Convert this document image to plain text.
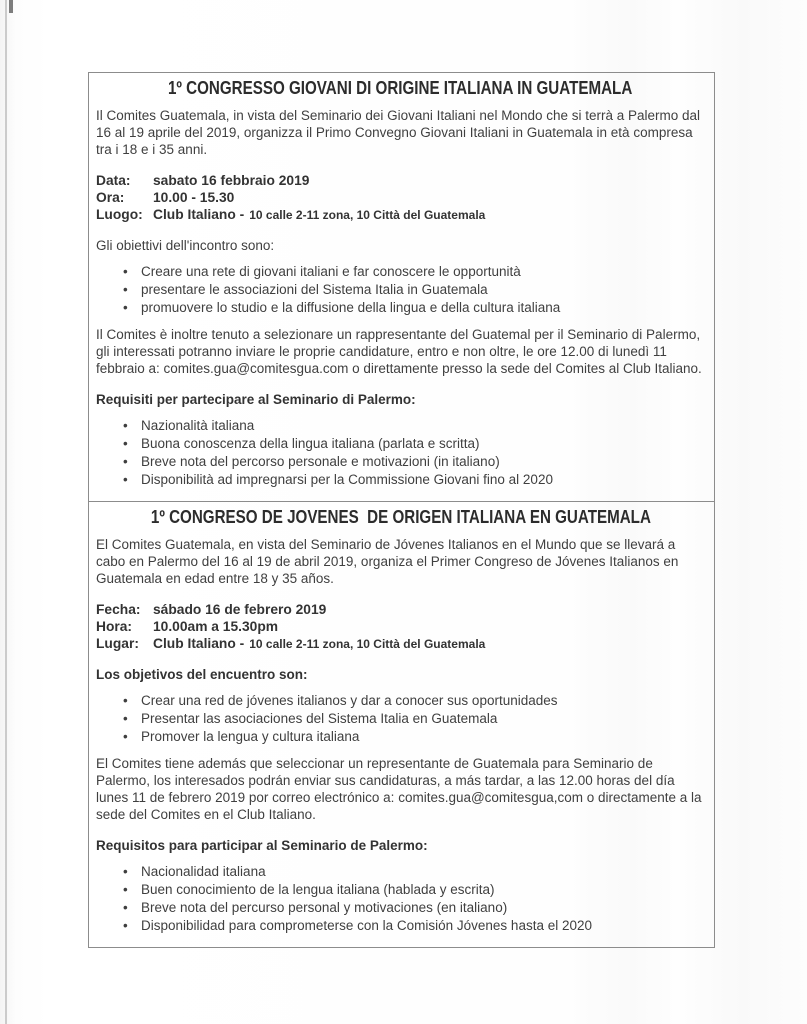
1º CONGRESSO GIOVANI DI ORIGINE ITALIANA IN GUATEMALA

Il Comites Guatemala, in vista del Seminario dei Giovani Italiani nel Mondo che si terrà a Palermo dal 16 al 19 aprile del 2019, organizza il Primo Convegno Giovani Italiani in Guatemala in età compresa tra i 18 e i 35 anni.

Data:	sabato 16 febbraio 2019
Ora:	10.00 - 15.30
Luogo: Club Italiano - 10 calle 2-11 zona, 10 Città del Guatemala
Gli obiettivi dell'incontro sono:
• Creare una rete di giovani italiani e far conoscere le opportunità
• presentare le associazioni del Sistema Italia in Guatemala
• promuovere lo studio e la diffusione della lingua e della cultura italiana

Il Comites è inoltre tenuto a selezionare un rappresentante del Guatemal per il Seminario di Palermo, gli interessati potranno inviare le proprie candidature, entro e non oltre, le ore 12.00 di lunedì 11 febbraio a: comites.gua@comitesgua.com o direttamente presso la sede del Comites al Club Italiano.

Requisiti per partecipare al Seminario di Palermo:
• Nazionalità italiana
• Buona conoscenza della lingua italiana (parlata e scritta)
• Breve nota del percorso personale e motivazioni (in italiano)
• Disponibilità ad impregnarsi per la Commissione Giovani fino al 2020
1º CONGRESO DE JOVENES  DE ORIGEN ITALIANA EN GUATEMALA

El Comites Guatemala, en vista del Seminario de Jóvenes Italianos en el Mundo que se llevará a cabo en Palermo del 16 al 19 de abril 2019, organiza el Primer Congreso de Jóvenes Italianos en Guatemala en edad entre 18 y 35 años.

Fecha: sábado 16 de febrero 2019
Hora:	10.00am a 15.30pm
Lugar:	Club Italiano - 10 calle 2-11 zona, 10 Città del Guatemala
Los objetivos del encuentro son:
• Crear una red de jóvenes italianos y dar a conocer sus oportunidades
• Presentar las asociaciones del Sistema Italia en Guatemala
• Promover la lengua y cultura italiana

El Comites tiene además que seleccionar un representante de Guatemala para Seminario de Palermo, los interesados podrán enviar sus candidaturas, a más tardar, a las 12.00 horas del día lunes 11 de febrero 2019 por correo electrónico a: comites.gua@comitesgua,com o directamente a la sede del Comites en el Club Italiano.

Requisitos para participar al Seminario de Palermo:
• Nacionalidad italiana
• Buen conocimiento de la lengua italiana (hablada y escrita)
• Breve nota del percurso personal y motivaciones (en italiano)
• Disponibilidad para comprometerse con la Comisión Jóvenes hasta el 2020
